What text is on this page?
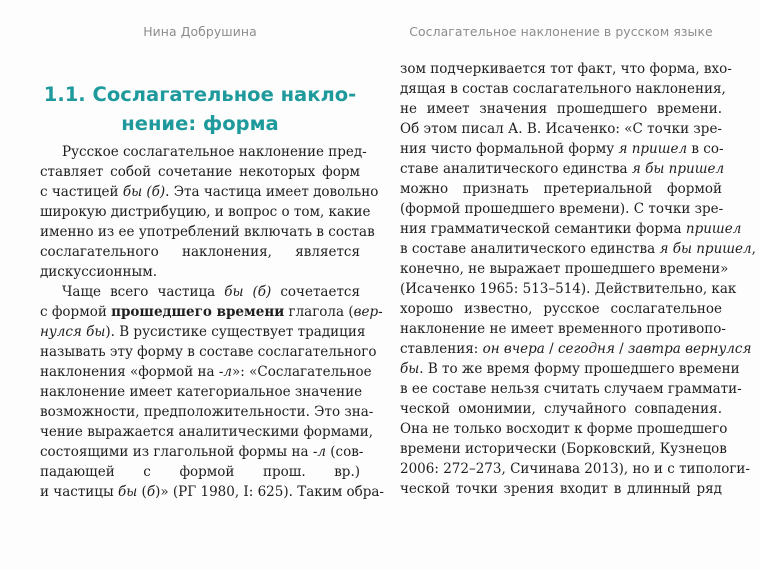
Нина Добрушина
1.1. Сослагательное накло-
нение: форма
Русское сослагательное наклонение пред-
ставляет собой сочетание некоторых форм
с частицей бы (б). Эта частица имеет довольно
широкую дистрибуцию, и вопрос о том, какие
именно из ее употреблений включать в состав
сослагательного наклонения, является
дискуссионным.
Чаще всего частица бы (б) сочетается
с формой прошедшего времени глагола (вер-
нулся бы). В русистике существует традиция
называть эту форму в составе сослагательного
наклонения «формой на -л»: «Сослагательное
наклонение имеет категориальное значение
возможности, предположительности. Это зна-
чение выражается аналитическими формами,
состоящими из глагольной формы на -л (сов-
падающей с формой прош. вр.)
и частицы бы (б)» (РГ 1980, I: 625). Таким обра-
Сослагательное наклонение в русском языке
зом подчеркивается тот факт, что форма, вхо-
дящая в состав сослагательного наклонения,
не имеет значения прошедшего времени.
Об этом писал А. В. Исаченко: «С точки зре-
ния чисто формальной форму я пришел в со-
ставе аналитического единства я бы пришел
можно признать претериальной формой
(формой прошедшего времени). С точки зре-
ния грамматической семантики форма пришел
в составе аналитического единства я бы пришел,
конечно, не выражает прошедшего времени»
(Исаченко 1965: 513–514). Действительно, как
хорошо известно, русское сослагательное
наклонение не имеет временного противопо-
ставления: он вчера / сегодня / завтра вернулся
бы. В то же время форму прошедшего времени
в ее составе нельзя считать случаем граммати-
ческой омонимии, случайного совпадения.
Она не только восходит к форме прошедшего
времени исторически (Борковский, Кузнецов
2006: 272–273, Сичинава 2013), но и с типологи-
ческой точки зрения входит в длинный ряд
